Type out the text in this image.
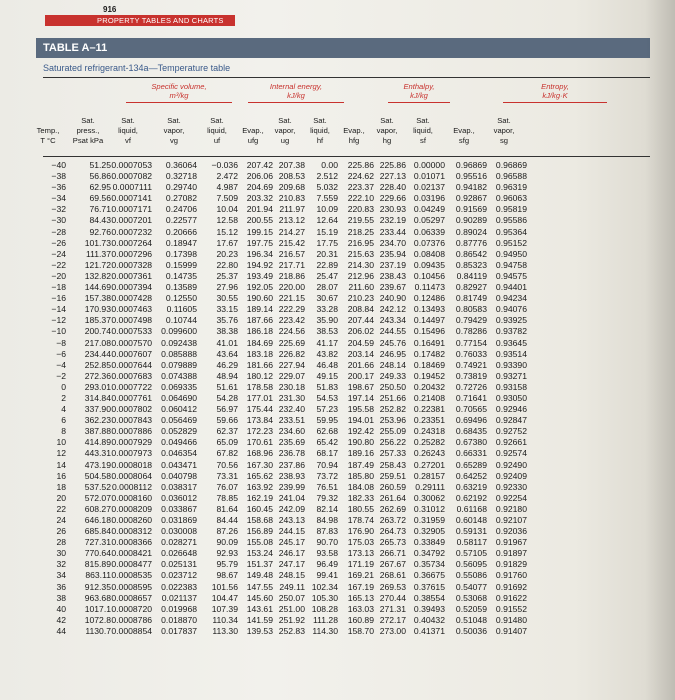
916
PROPERTY TABLES AND CHARTS
TABLE A–11
Saturated refrigerant-134a—Temperature table
Specific volume,
m³/kg
Internal energy,
kJ/kg
Enthalpy,
kJ/kg
Entropy,
kJ/kg·K
Temp.,
T °C
Sat.
press.,
Psat kPa
Sat.
liquid,
vf
Sat.
vapor,
vg
Sat.
liquid,
uf
Evap.,
ufg
Sat.
vapor,
ug
Sat.
liquid,
hf
Evap.,
hfg
Sat.
vapor,
hg
Sat.
liquid,
sf
Evap.,
sfg
Sat.
vapor,
sg
−40	51.25 0.0007053	0.36064	−0.036	207.42 207.38	0.00	225.86 225.86 0.00000	0.96869	0.96869
−38	56.86 0.0007082	0.32718	2.472	206.06 208.53	2.512	224.62 227.13 0.01071	0.95516	0.96588
−36	62.95 0.0007111	0.29740	4.987	204.69 209.68	5.032	223.37 228.40 0.02137	0.94182	0.96319
−34	69.56 0.0007141	0.27082	7.509	203.32 210.83	7.559	222.10 229.66 0.03196	0.92867	0.96063
−32	76.71 0.0007171	0.24706	10.04	201.94 211.97	10.09	220.83 230.93 0.04249	0.91569	0.95819
−30	84.43 0.0007201	0.22577	12.58	200.55 213.12	12.64	219.55 232.19 0.05297	0.90289	0.95586
−28	92.76 0.0007232	0.20666	15.12	199.15 214.27	15.19	218.25 233.44 0.06339	0.89024	0.95364
−26	101.73 0.0007264	0.18947	17.67	197.75 215.42	17.75	216.95 234.70 0.07376	0.87776	0.95152
−24	111.37 0.0007296	0.17398	20.23	196.34 216.57	20.31	215.63 235.94 0.08408	0.86542	0.94950
−22	121.72 0.0007328	0.15999	22.80	194.92 217.71	22.89	214.30 237.19 0.09435	0.85323	0.94758
−20	132.82 0.0007361	0.14735	25.37	193.49 218.86	25.47	212.96 238.43 0.10456	0.84119	0.94575
−18	144.69 0.0007394	0.13589	27.96	192.05 220.00	28.07	211.60 239.67 0.11473	0.82927	0.94401
−16	157.38 0.0007428	0.12550	30.55	190.60 221.15	30.67	210.23 240.90 0.12486	0.81749	0.94234
−14	170.93 0.0007463	0.11605	33.15	189.14 222.29	33.28	208.84 242.12 0.13493	0.80583	0.94076
−12	185.37 0.0007498	0.10744	35.76	187.66 223.42	35.90	207.44 243.34 0.14497	0.79429	0.93925
−10	200.74 0.0007533	0.099600	38.38	186.18 224.56	38.53	206.02 244.55 0.15496	0.78286	0.93782
−8	217.08 0.0007570	0.092438	41.01	184.69 225.69	41.17	204.59 245.76 0.16491	0.77154	0.93645
−6	234.44 0.0007607	0.085888	43.64	183.18 226.82	43.82	203.14 246.95 0.17482	0.76033	0.93514
−4	252.85 0.0007644	0.079889	46.29	181.66 227.94	46.48	201.66 248.14 0.18469	0.74921	0.93390
−2	272.36 0.0007683	0.074388	48.94	180.12 229.07	49.15	200.17 249.33 0.19452	0.73819	0.93271
0	293.01 0.0007722	0.069335	51.61	178.58 230.18	51.83	198.67 250.50 0.20432	0.72726	0.93158
2	314.84 0.0007761	0.064690	54.28	177.01 231.30	54.53	197.14 251.66 0.21408	0.71641	0.93050
4	337.90 0.0007802	0.060412	56.97	175.44 232.40	57.23	195.58 252.82 0.22381	0.70565	0.92946
6	362.23 0.0007843	0.056469	59.66	173.84 233.51	59.95	194.01 253.96 0.23351	0.69496	0.92847
8	387.88 0.0007886	0.052829	62.37	172.23 234.60	62.68	192.42 255.09 0.24318	0.68435	0.92752
10	414.89 0.0007929	0.049466	65.09	170.61 235.69	65.42	190.80 256.22 0.25282	0.67380	0.92661
12	443.31 0.0007973	0.046354	67.82	168.96 236.78	68.17	189.16 257.33 0.26243	0.66331	0.92574
14	473.19 0.0008018	0.043471	70.56	167.30 237.86	70.94	187.49 258.43 0.27201	0.65289	0.92490
16	504.58 0.0008064	0.040798	73.31	165.62 238.93	73.72	185.80 259.51 0.28157	0.64252	0.92409
18	537.52 0.0008112	0.038317	76.07	163.92 239.99	76.51	184.08 260.59	0.29111	0.63219	0.92330
20	572.07 0.0008160	0.036012	78.85	162.19 241.04	79.32	182.33 261.64 0.30062	0.62192	0.92254
22	608.27 0.0008209	0.033867	81.64	160.45 242.09	82.14	180.55 262.69 0.31012	0.61168	0.92180
24	646.18 0.0008260	0.031869	84.44	158.68 243.13	84.98	178.74 263.72 0.31959	0.60148	0.92107
26	685.84 0.0008312	0.030008	87.26	156.89 244.15	87.83	176.90 264.73 0.32905	0.59131	0.92036
28	727.31 0.0008366	0.028271	90.09	155.08 245.17	90.70	175.03 265.73 0.33849	0.58117	0.91967
30	770.64 0.0008421	0.026648	92.93	153.24 246.17	93.58	173.13 266.71 0.34792	0.57105	0.91897
32	815.89 0.0008477	0.025131	95.79	151.37 247.17	96.49	171.19 267.67 0.35734	0.56095	0.91829
34	863.11 0.0008535	0.023712	98.67	149.48 248.15	99.41	169.21 268.61 0.36675	0.55086	0.91760
36	912.35 0.0008595	0.022383	101.56	147.55 249.11 102.34	167.19 269.53 0.37615	0.54077	0.91692
38	963.68 0.0008657	0.021137	104.47	145.60 250.07 105.30	165.13 270.44 0.38554	0.53068	0.91622
40	1017.1 0.0008720	0.019968	107.39	143.61 251.00 108.28	163.03 271.31 0.39493	0.52059	0.91552
42	1072.8 0.0008786	0.018870	110.34	141.59 251.92 111.28	160.89 272.17 0.40432	0.51048	0.91480
44	1130.7 0.0008854	0.017837	113.30	139.53 252.83 114.30	158.70 273.00 0.41371	0.50036	0.91407
